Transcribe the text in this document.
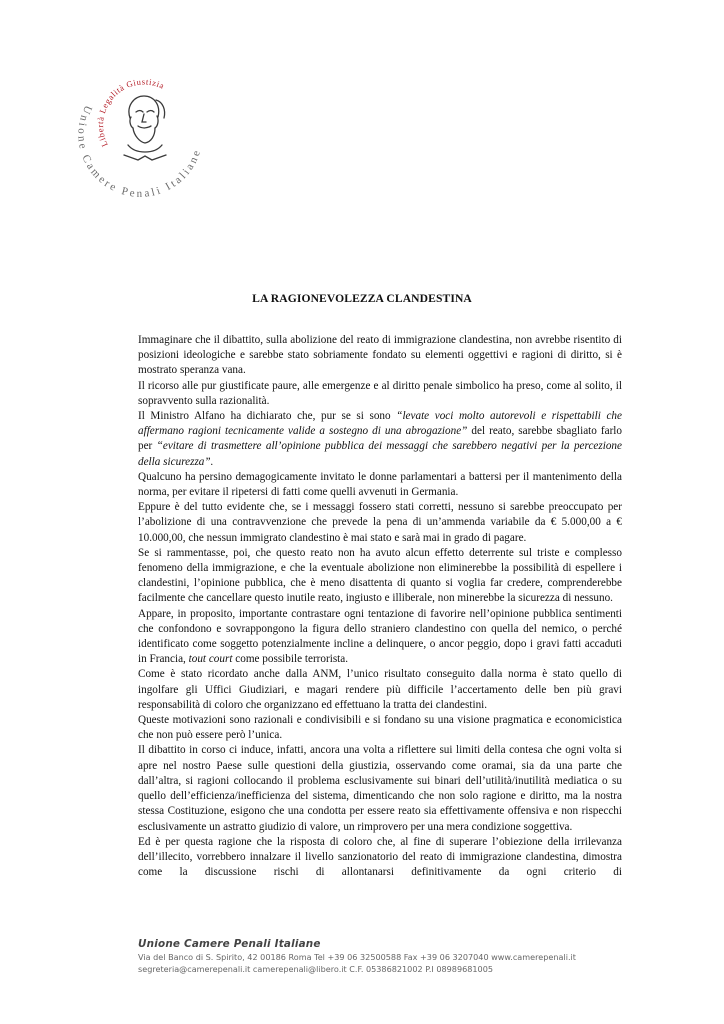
Unione Camere Penali Italiane
Libertà Legalità Giustizia
LA RAGIONEVOLEZZA CLANDESTINA

Immaginare che il dibattito, sulla abolizione del reato di immigrazione clandestina, non avrebbe risentito di posizioni ideologiche e sarebbe stato sobriamente fondato su elementi oggettivi e ragioni di diritto, si è mostrato speranza vana.

Il ricorso alle pur giustificate paure, alle emergenze e al diritto penale simbolico ha preso, come al solito, il sopravvento sulla razionalità.

Il Ministro Alfano ha dichiarato che, pur se si sono “levate voci molto autorevoli e rispettabili che affermano ragioni tecnicamente valide a sostegno di una abrogazione” del reato, sarebbe sbagliato farlo per “evitare di trasmettere all’opinione pubblica dei messaggi che sarebbero negativi per la percezione della sicurezza”.

Qualcuno ha persino demagogicamente invitato le donne parlamentari a battersi per il mantenimento della norma, per evitare il ripetersi di fatti come quelli avvenuti in Germania.

Eppure è del tutto evidente che, se i messaggi fossero stati corretti, nessuno si sarebbe preoccupato per l’abolizione di una contravvenzione che prevede la pena di un’ammenda variabile da € 5.000,00 a € 10.000,00, che nessun immigrato clandestino è mai stato e sarà mai in grado di pagare.

Se si rammentasse, poi, che questo reato non ha avuto alcun effetto deterrente sul triste e complesso fenomeno della immigrazione, e che la eventuale abolizione non eliminerebbe la possibilità di espellere i clandestini, l’opinione pubblica, che è meno disattenta di quanto si voglia far credere, comprenderebbe facilmente che cancellare questo inutile reato, ingiusto e illiberale, non minerebbe la sicurezza di nessuno.

Appare, in proposito, importante contrastare ogni tentazione di favorire nell’opinione pubblica sentimenti che confondono e sovrappongono la figura dello straniero clandestino con quella del nemico, o perché identificato come soggetto potenzialmente incline a delinquere, o ancor peggio, dopo i gravi fatti accaduti in Francia, tout court come possibile terrorista.

Come è stato ricordato anche dalla ANM, l’unico risultato conseguito dalla norma è stato quello di ingolfare gli Uffici Giudiziari, e magari rendere più difficile l’accertamento delle ben più gravi responsabilità di coloro che organizzano ed effettuano la tratta dei clandestini.

Queste motivazioni sono razionali e condivisibili e si fondano su una visione pragmatica e economicistica che non può essere però l’unica.

Il dibattito in corso ci induce, infatti, ancora una volta a riflettere sui limiti della contesa che ogni volta si apre nel nostro Paese sulle questioni della giustizia, osservando come oramai, sia da una parte che dall’altra, si ragioni collocando il problema esclusivamente sui binari dell’utilità/inutilità mediatica o su quello dell’efficienza/inefficienza del sistema, dimenticando che non solo ragione e diritto, ma la nostra stessa Costituzione, esigono che una condotta per essere reato sia effettivamente offensiva e non rispecchi esclusivamente un astratto giudizio di valore, un rimprovero per una mera condizione soggettiva.

Ed è per questa ragione che la risposta di coloro che, al fine di superare l’obiezione della irrilevanza dell’illecito, vorrebbero innalzare il livello sanzionatorio del reato di immigrazione clandestina, dimostra come la discussione rischi di allontanarsi definitivamente da ogni criterio di

Unione Camere Penali Italiane
Via del Banco di S. Spirito, 42 00186 Roma Tel +39 06 32500588 Fax +39 06 3207040 www.camerepenali.it
segreteria@camerepenali.it camerepenali@libero.it C.F. 05386821002 P.I 08989681005
